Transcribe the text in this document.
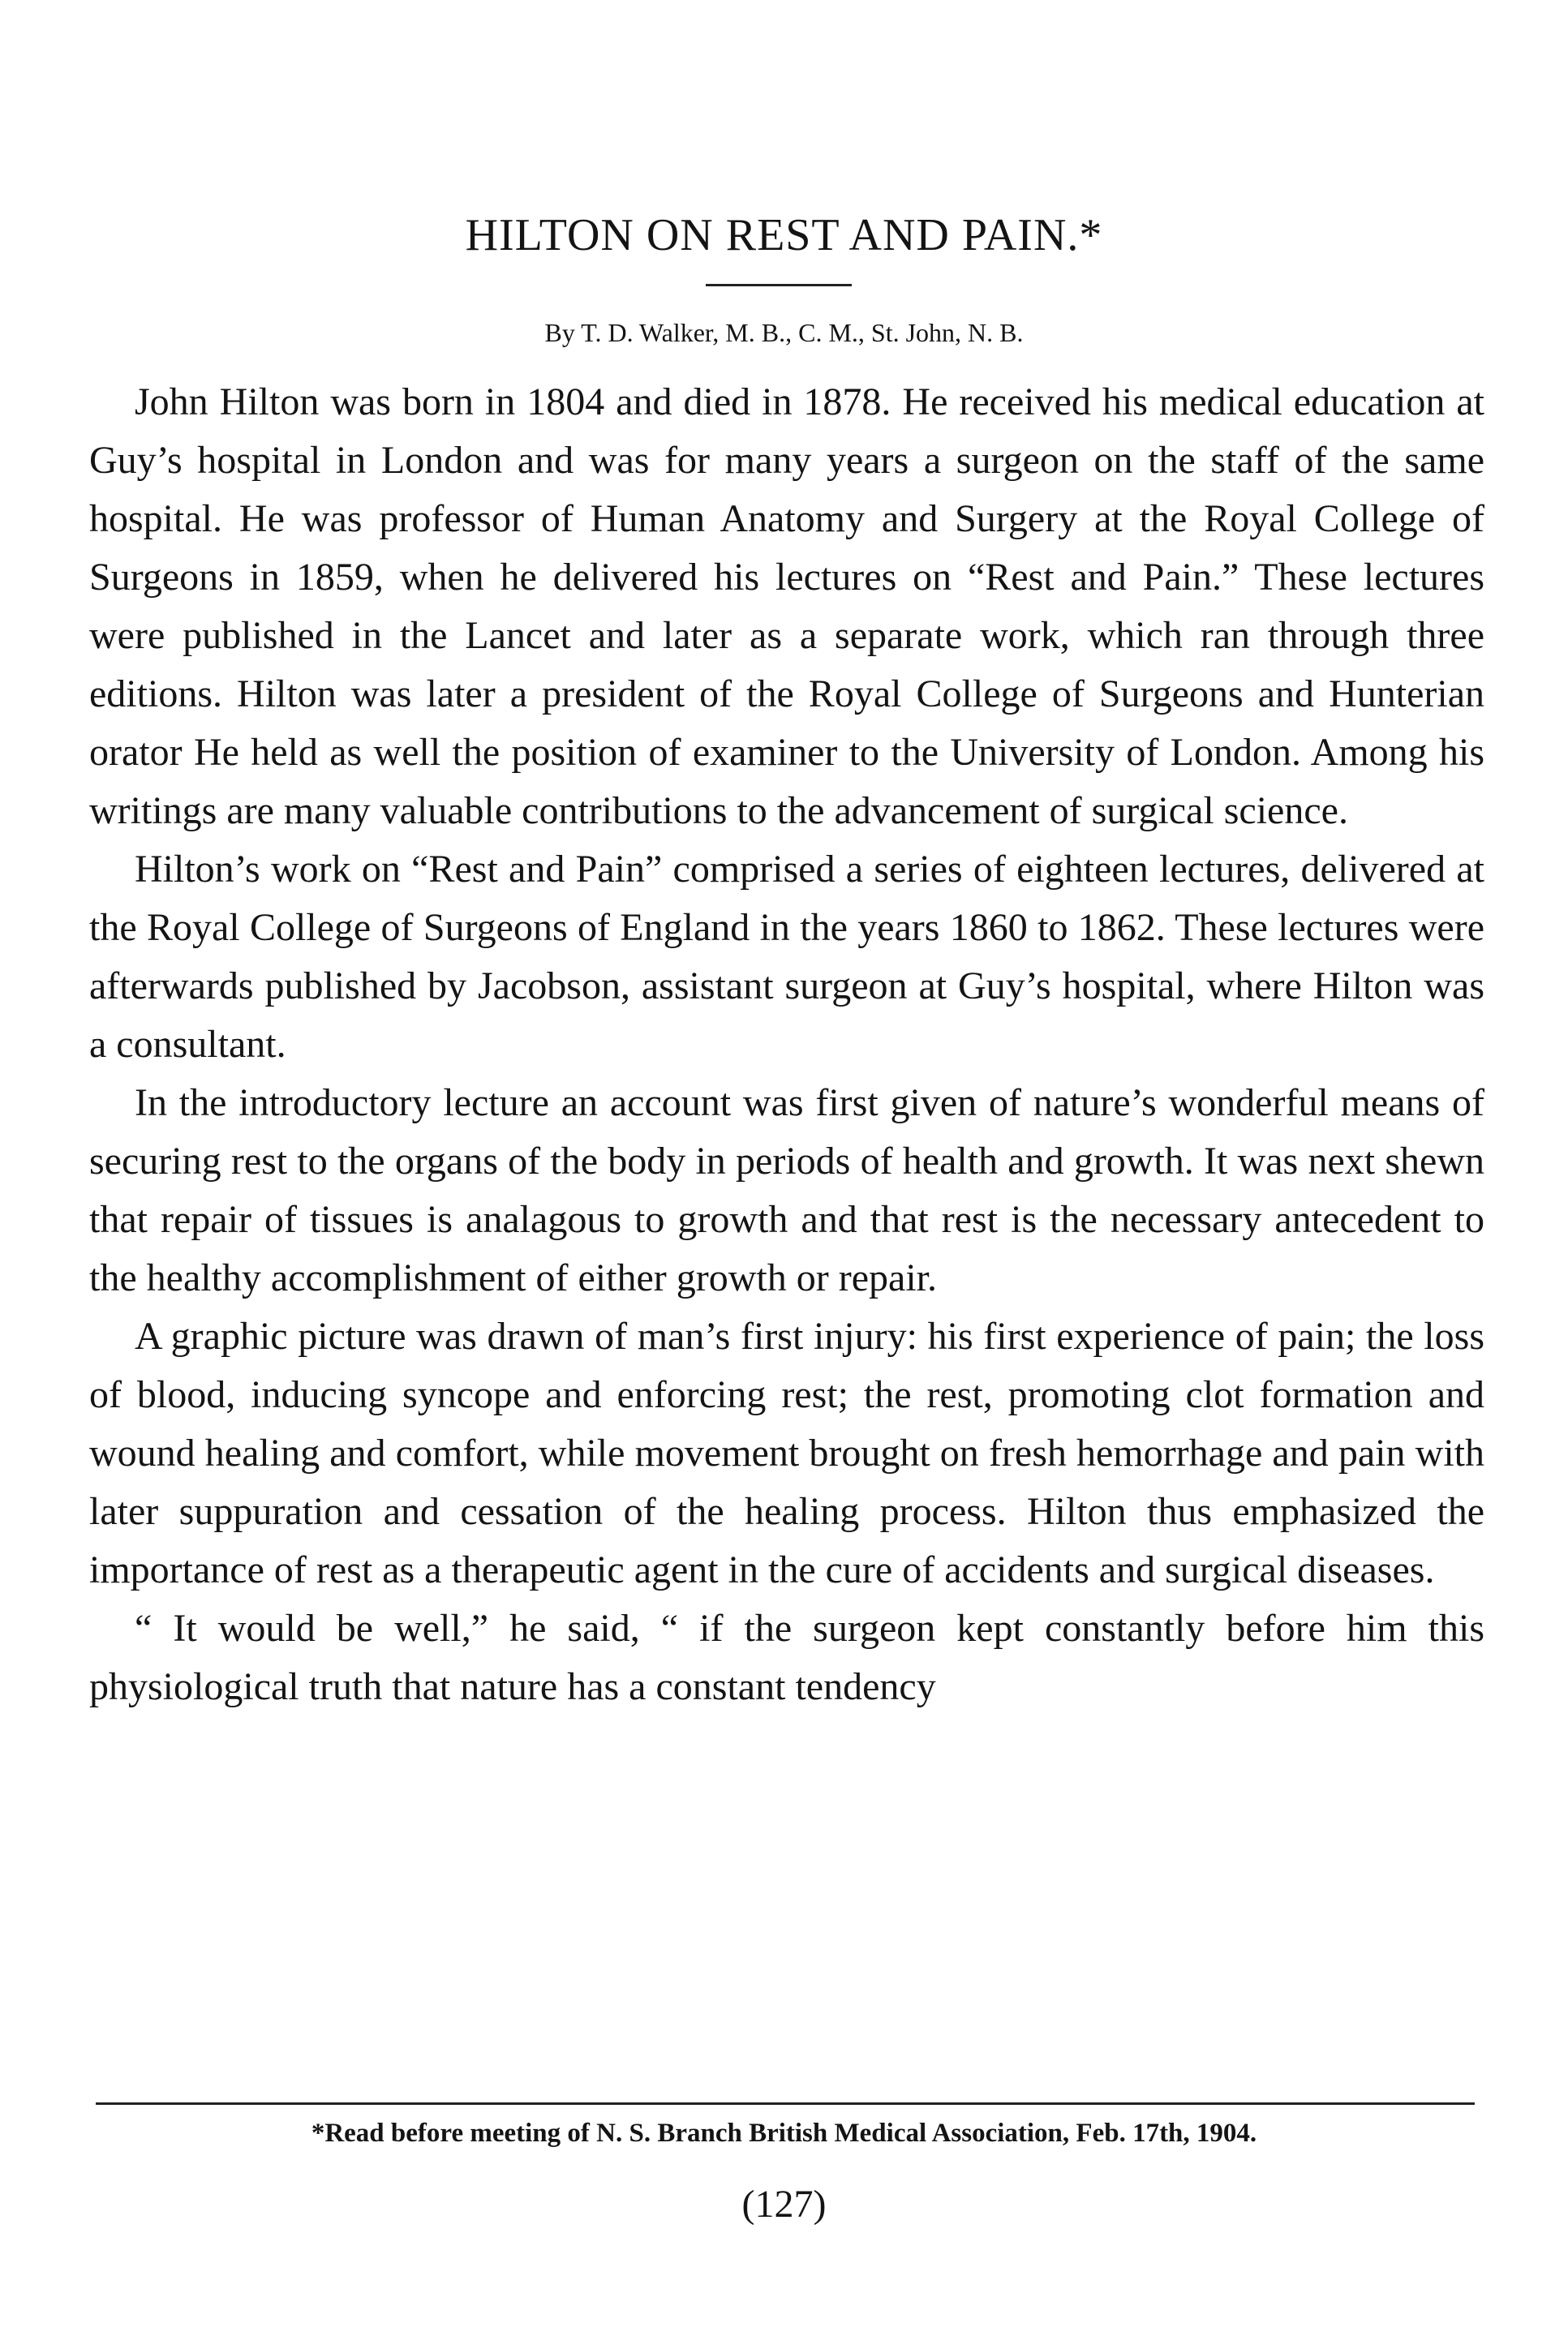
HILTON ON REST AND PAIN.*
By T. D. Walker, M. B., C. M., St. John, N. B.

John Hilton was born in 1804 and died in 1878. He received his medical education at Guy’s hospital in London and was for many years a surgeon on the staff of the same hospital. He was professor of Human Anatomy and Surgery at the Royal College of Surgeons in 1859, when he delivered his lectures on “Rest and Pain.” These lectures were published in the Lancet and later as a separate work, which ran through three editions. Hilton was later a president of the Royal College of Surgeons and Hunterian orator He held as well the position of examiner to the University of London. Among his writings are many valuable contributions to the advancement of surgical science.

Hilton’s work on “Rest and Pain” comprised a series of eighteen lectures, delivered at the Royal College of Surgeons of England in the years 1860 to 1862. These lectures were afterwards published by Jacobson, assistant surgeon at Guy’s hospital, where Hilton was a consultant.

In the introductory lecture an account was first given of nature’s wonderful means of securing rest to the organs of the body in periods of health and growth. It was next shewn that repair of tissues is analagous to growth and that rest is the necessary antecedent to the healthy accomplishment of either growth or repair.

A graphic picture was drawn of man’s first injury: his first experience of pain; the loss of blood, inducing syncope and enforcing rest; the rest, promoting clot formation and wound healing and comfort, while movement brought on fresh hemorrhage and pain with later suppuration and cessation of the healing process. Hilton thus emphasized the importance of rest as a therapeutic agent in the cure of accidents and surgical diseases.

“ It would be well,” he said, “ if the surgeon kept constantly before him this physiological truth that nature has a constant tendency

*Read before meeting of N. S. Branch British Medical Association, Feb. 17th, 1904.
(127)
